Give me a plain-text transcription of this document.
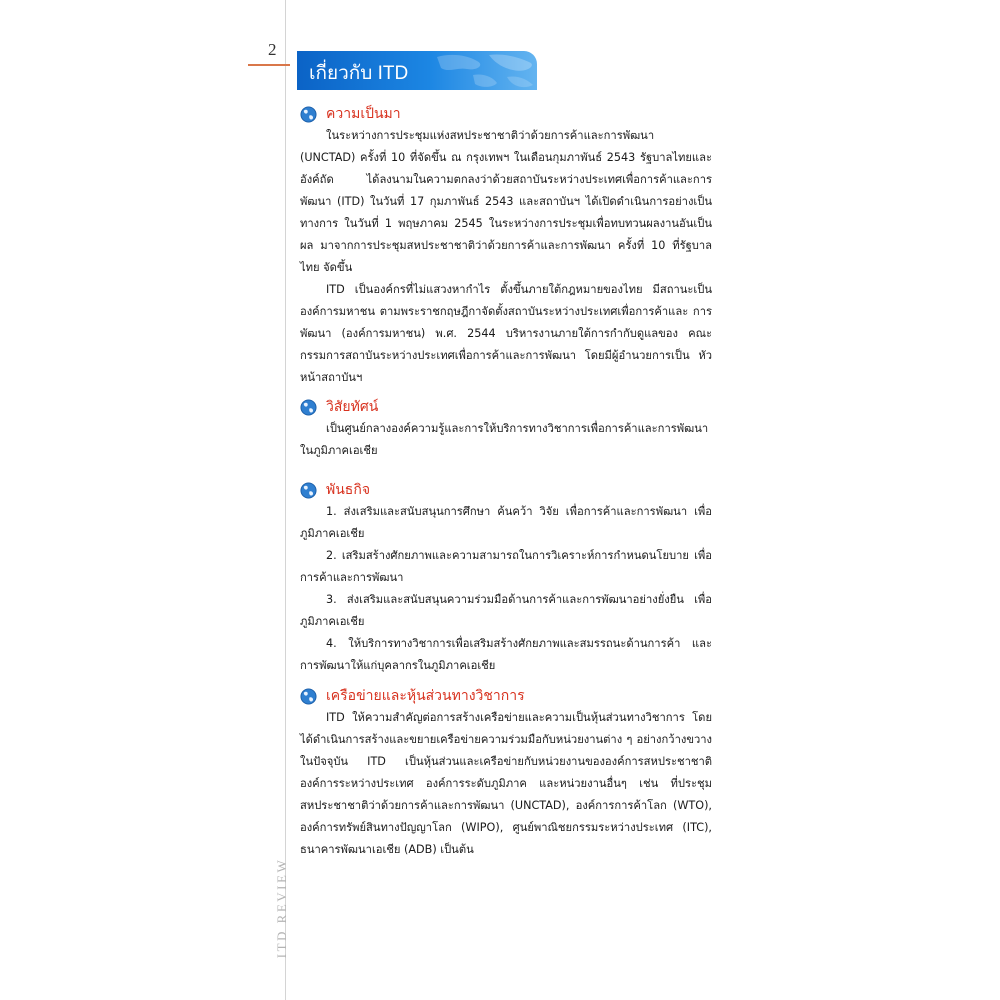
2
เกี่ยวกับ ITD
ITD REVIEW
ความเป็นมา

ในระหว่างการประชุมแห่งสหประชาชาติว่าด้วยการค้าและการพัฒนา (UNCTAD) ครั้งที่ 10 ที่จัดขึ้น ณ กรุงเทพฯ ในเดือนกุมภาพันธ์ 2543 รัฐบาลไทยและอังค์ถัด ได้ลงนามในความตกลงว่าด้วยสถาบันระหว่างประเทศเพื่อการค้าและการพัฒนา (ITD) ในวันที่ 17 กุมภาพันธ์ 2543 และสถาบันฯ ได้เปิดดำเนินการอย่างเป็นทางการ ในวันที่ 1 พฤษภาคม 2545 ในระหว่างการประชุมเพื่อทบทวนผลงานอันเป็นผล มาจากการประชุมสหประชาชาติว่าด้วยการค้าและการพัฒนา ครั้งที่ 10 ที่รัฐบาลไทย จัดขึ้น

ITD เป็นองค์กรที่ไม่แสวงหากำไร ตั้งขึ้นภายใต้กฎหมายของไทย มีสถานะเป็น องค์การมหาชน ตามพระราชกฤษฎีกาจัดตั้งสถาบันระหว่างประเทศเพื่อการค้าและ การพัฒนา (องค์การมหาชน) พ.ศ. 2544 บริหารงานภายใต้การกำกับดูแลของ คณะกรรมการสถาบันระหว่างประเทศเพื่อการค้าและการพัฒนา โดยมีผู้อำนวยการเป็น หัวหน้าสถาบันฯ

วิสัยทัศน์

เป็นศูนย์กลางองค์ความรู้และการให้บริการทางวิชาการเพื่อการค้าและการพัฒนา ในภูมิภาคเอเชีย

พันธกิจ

1. ส่งเสริมและสนับสนุนการศึกษา ค้นคว้า วิจัย เพื่อการค้าและการพัฒนา เพื่อภูมิภาคเอเชีย

2. เสริมสร้างศักยภาพและความสามารถในการวิเคราะห์การกำหนดนโยบาย เพื่อการค้าและการพัฒนา

3. ส่งเสริมและสนับสนุนความร่วมมือด้านการค้าและการพัฒนาอย่างยั่งยืน เพื่อภูมิภาคเอเชีย

4. ให้บริการทางวิชาการเพื่อเสริมสร้างศักยภาพและสมรรถนะด้านการค้า และการพัฒนาให้แก่บุคลากรในภูมิภาคเอเชีย

เครือข่ายและหุ้นส่วนทางวิชาการ

ITD ให้ความสำคัญต่อการสร้างเครือข่ายและความเป็นหุ้นส่วนทางวิชาการ โดยได้ดำเนินการสร้างและขยายเครือข่ายความร่วมมือกับหน่วยงานต่าง ๆ อย่างกว้างขวาง ในปัจจุบัน ITD เป็นหุ้นส่วนและเครือข่ายกับหน่วยงานขององค์การสหประชาชาติ องค์การระหว่างประเทศ องค์การระดับภูมิภาค และหน่วยงานอื่นๆ เช่น ที่ประชุม สหประชาชาติว่าด้วยการค้าและการพัฒนา (UNCTAD), องค์การการค้าโลก (WTO), องค์การทรัพย์สินทางปัญญาโลก (WIPO), ศูนย์พาณิชยกรรมระหว่างประเทศ (ITC), ธนาคารพัฒนาเอเชีย (ADB) เป็นต้น
